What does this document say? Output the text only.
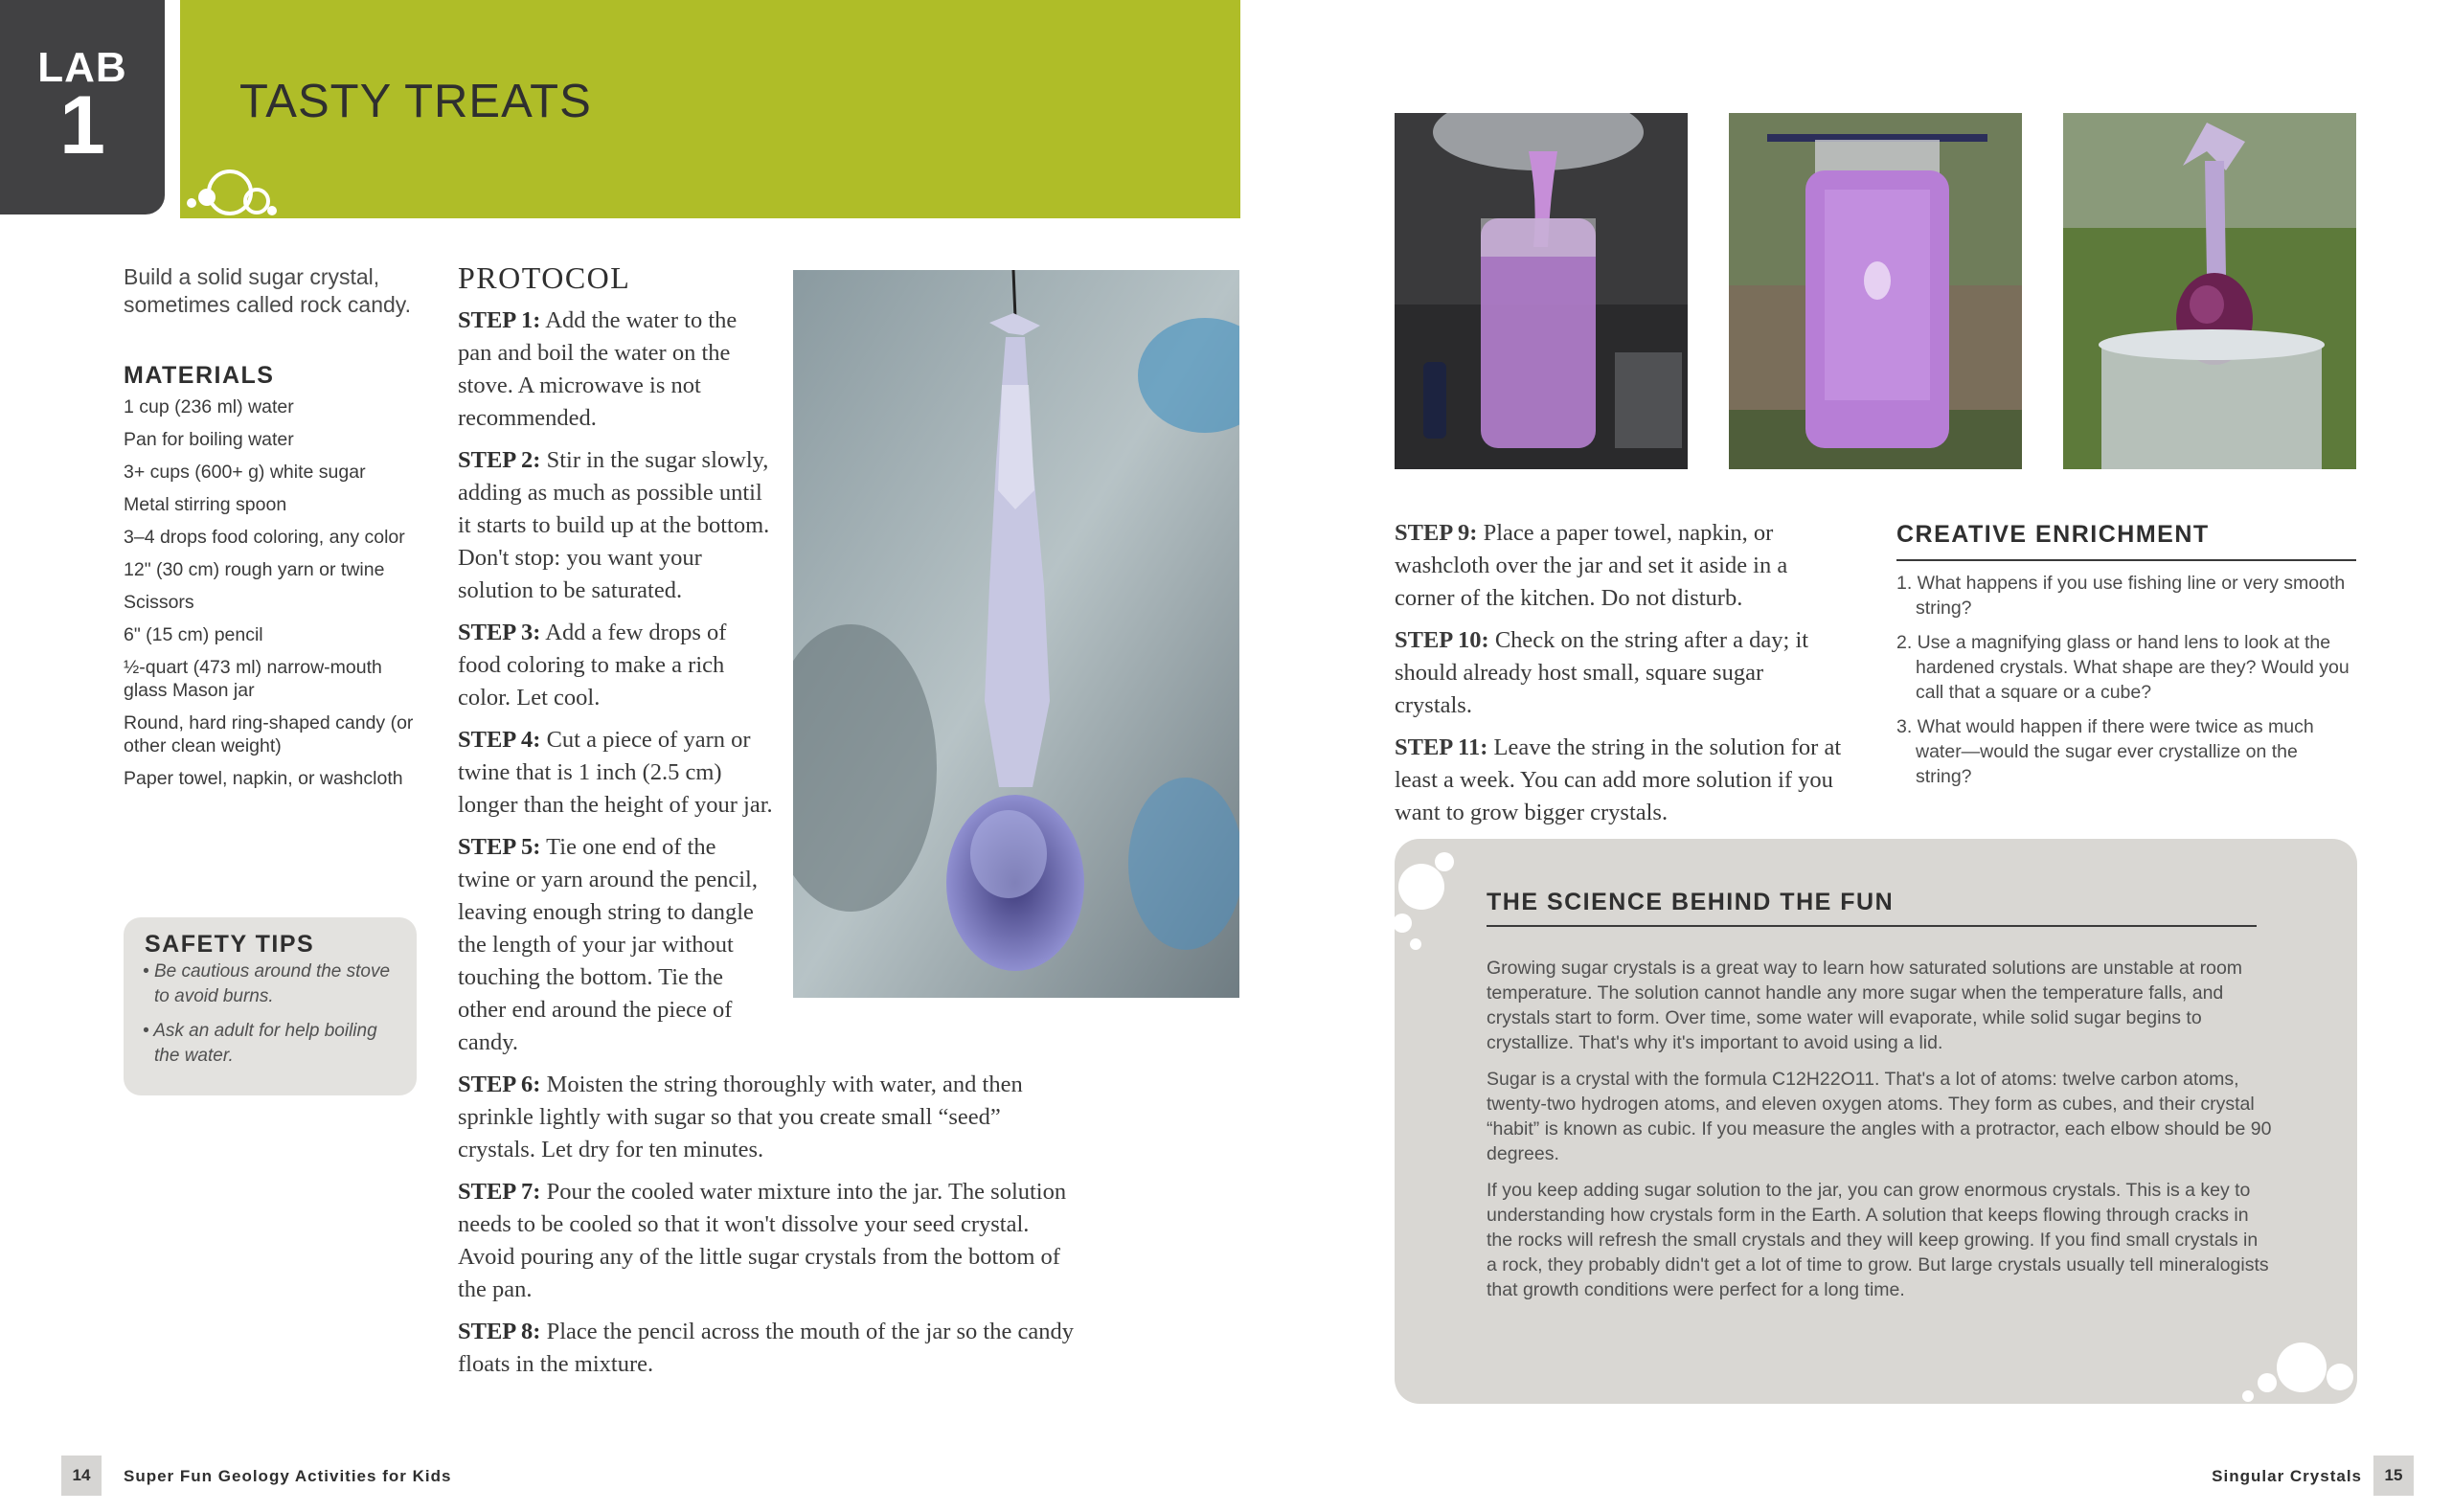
LAB
1	TASTY TREATS
Build a solid sugar crystal, sometimes called rock candy.
MATERIALS
1 cup (236 ml) water
Pan for boiling water
3+ cups (600+ g) white sugar
Metal stirring spoon
3–4 drops food coloring, any color
12" (30 cm) rough yarn or twine
Scissors
6" (15 cm) pencil
½-quart (473 ml) narrow-mouth glass Mason jar
Round, hard ring-shaped candy (or other clean weight)
Paper towel, napkin, or washcloth
SAFETY TIPS
• Be cautious around the stove to avoid burns.
• Ask an adult for help boiling the water.
PROTOCOL

STEP 1: Add the water to the pan and boil the water on the stove. A microwave is not recommended.

STEP 2: Stir in the sugar slowly, adding as much as possible until it starts to build up at the bottom. Don't stop: you want your solution to be saturated.

STEP 3: Add a few drops of food coloring to make a rich color. Let cool.

STEP 4: Cut a piece of yarn or twine that is 1 inch (2.5 cm) longer than the height of your jar.

STEP 5: Tie one end of the twine or yarn around the pencil, leaving enough string to dangle the length of your jar without touching the bottom. Tie the other end around the piece of candy.

STEP 6: Moisten the string thoroughly with water, and then sprinkle lightly with sugar so that you create small “seed” crystals. Let dry for ten minutes.

STEP 7: Pour the cooled water mixture into the jar. The solution needs to be cooled so that it won't dissolve your seed crystal. Avoid pouring any of the little sugar crystals from the bottom of the pan.

STEP 8: Place the pencil across the mouth of the jar so the candy floats in the mixture.

STEP 9: Place a paper towel, napkin, or washcloth over the jar and set it aside in a corner of the kitchen. Do not disturb.

STEP 10: Check on the string after a day; it should already host small, square sugar crystals.

STEP 11: Leave the string in the solution for at least a week. You can add more solution if you want to grow bigger crystals.

CREATIVE ENRICHMENT
1. What happens if you use fishing line or very smooth string?
2. Use a magnifying glass or hand lens to look at the hardened crystals. What shape are they? Would you call that a square or a cube?
3. What would happen if there were twice as much water—would the sugar ever crystallize on the string?
THE SCIENCE BEHIND THE FUN

Growing sugar crystals is a great way to learn how saturated solutions are unstable at room temperature. The solution cannot handle any more sugar when the temperature falls, and crystals start to form. Over time, some water will evaporate, while solid sugar begins to crystallize. That's why it's important to avoid using a lid.

Sugar is a crystal with the formula C12H22O11. That's a lot of atoms: twelve carbon atoms, twenty-two hydrogen atoms, and eleven oxygen atoms. They form as cubes, and their crystal “habit” is known as cubic. If you measure the angles with a protractor, each elbow should be 90 degrees.

If you keep adding sugar solution to the jar, you can grow enormous crystals. This is a key to understanding how crystals form in the Earth. A solution that keeps flowing through cracks in the rocks will refresh the small crystals and they will keep growing. If you find small crystals in a rock, they probably didn't get a lot of time to grow. But large crystals usually tell mineralogists that growth conditions were perfect for a long time.

14	Super Fun Geology Activities for Kids	Singular Crystals	15
